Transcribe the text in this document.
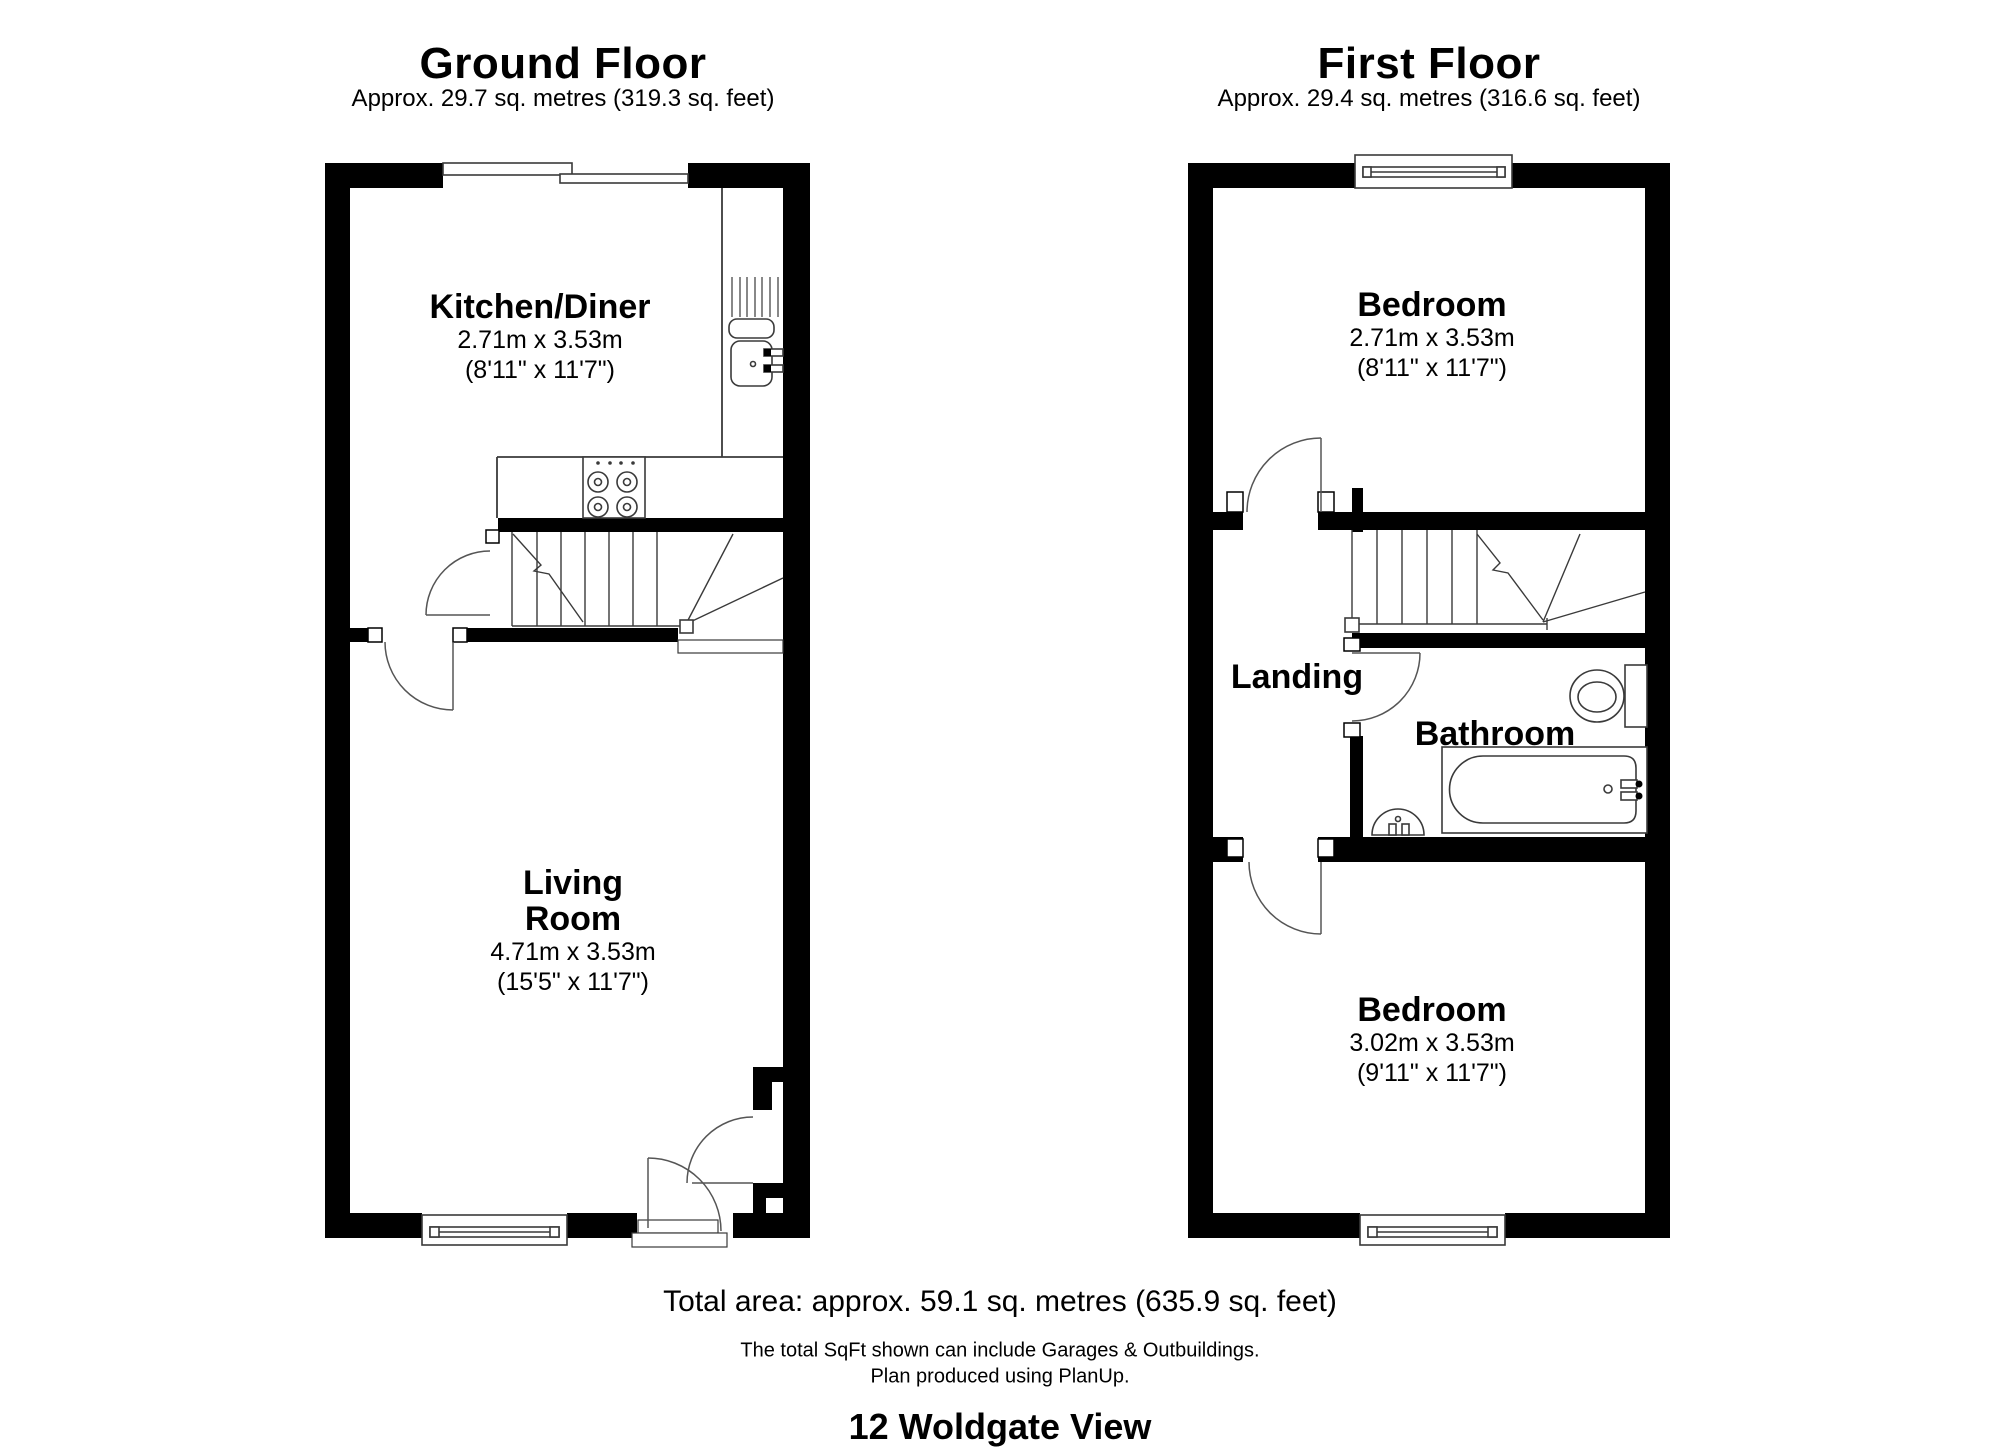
Ground Floor
Approx. 29.7 sq. metres (319.3 sq. feet)
First Floor
Approx. 29.4 sq. metres (316.6 sq. feet)
Kitchen/Diner
2.71m x 3.53m
(8'11" x 11'7")
Living
Room
4.71m x 3.53m
(15'5" x 11'7")
Bedroom
2.71m x 3.53m
(8'11" x 11'7")
Landing
Bathroom
Bedroom
3.02m x 3.53m
(9'11" x 11'7")
Total area: approx. 59.1 sq. metres (635.9 sq. feet)
The total SqFt shown can include Garages & Outbuildings.
Plan produced using PlanUp.
12 Woldgate View
